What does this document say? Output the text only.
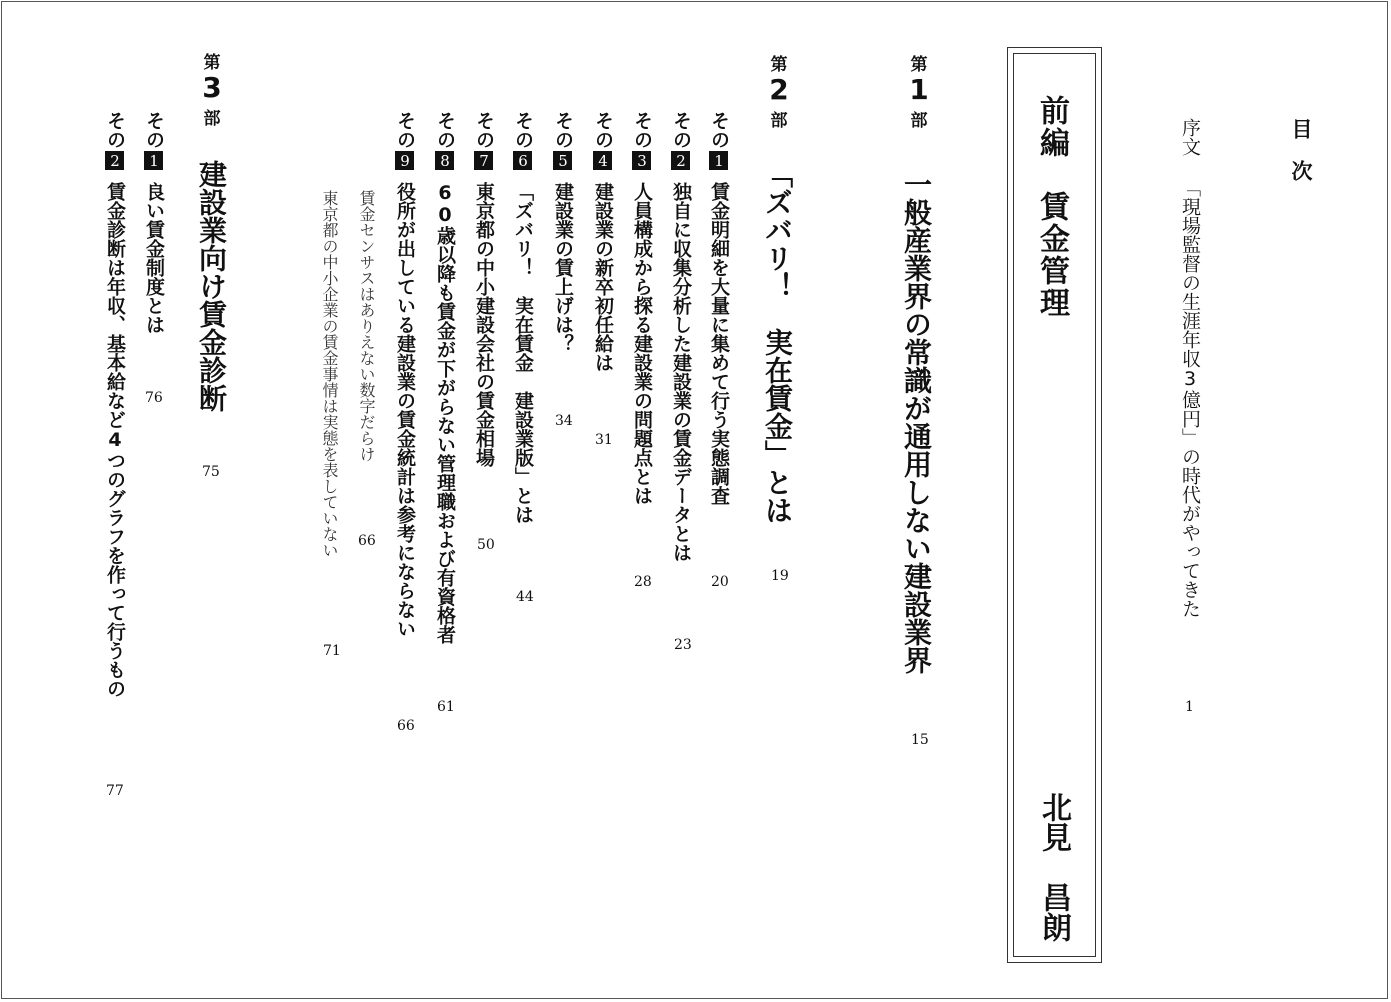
目　次
序文 「現場監督の生涯年収3億円」の時代がやってきた
1
前編　賃金管理
北見　昌朗
第
1
部
一般産業界の常識が通用しない建設業界
15
第
2
部
「ズバリ！　実在賃金」とは
19
その1賃金明細を大量に集めて行う実態調査
20
その2独自に収集分析した建設業の賃金データとは
23
その3人員構成から探る建設業の問題点とは
28
その4建設業の新卒初任給は
31
その5建設業の賃上げは？
34
その6「ズバリ！　実在賃金　建設業版」とは
44
その7東京都の中小建設会社の賃金相場
50
その860歳以降も賃金が下がらない管理職および有資格者
61
その9役所が出している建設業の賃金統計は参考にならない
66
賃金センサスはありえない数字だらけ
66
東京都の中小企業の賃金事情は実態を表していない
71
第
3
部
建設業向け賃金診断
75
その1良い賃金制度とは
76
その2賃金診断は年収、基本給など4つのグラフを作って行うもの
77
